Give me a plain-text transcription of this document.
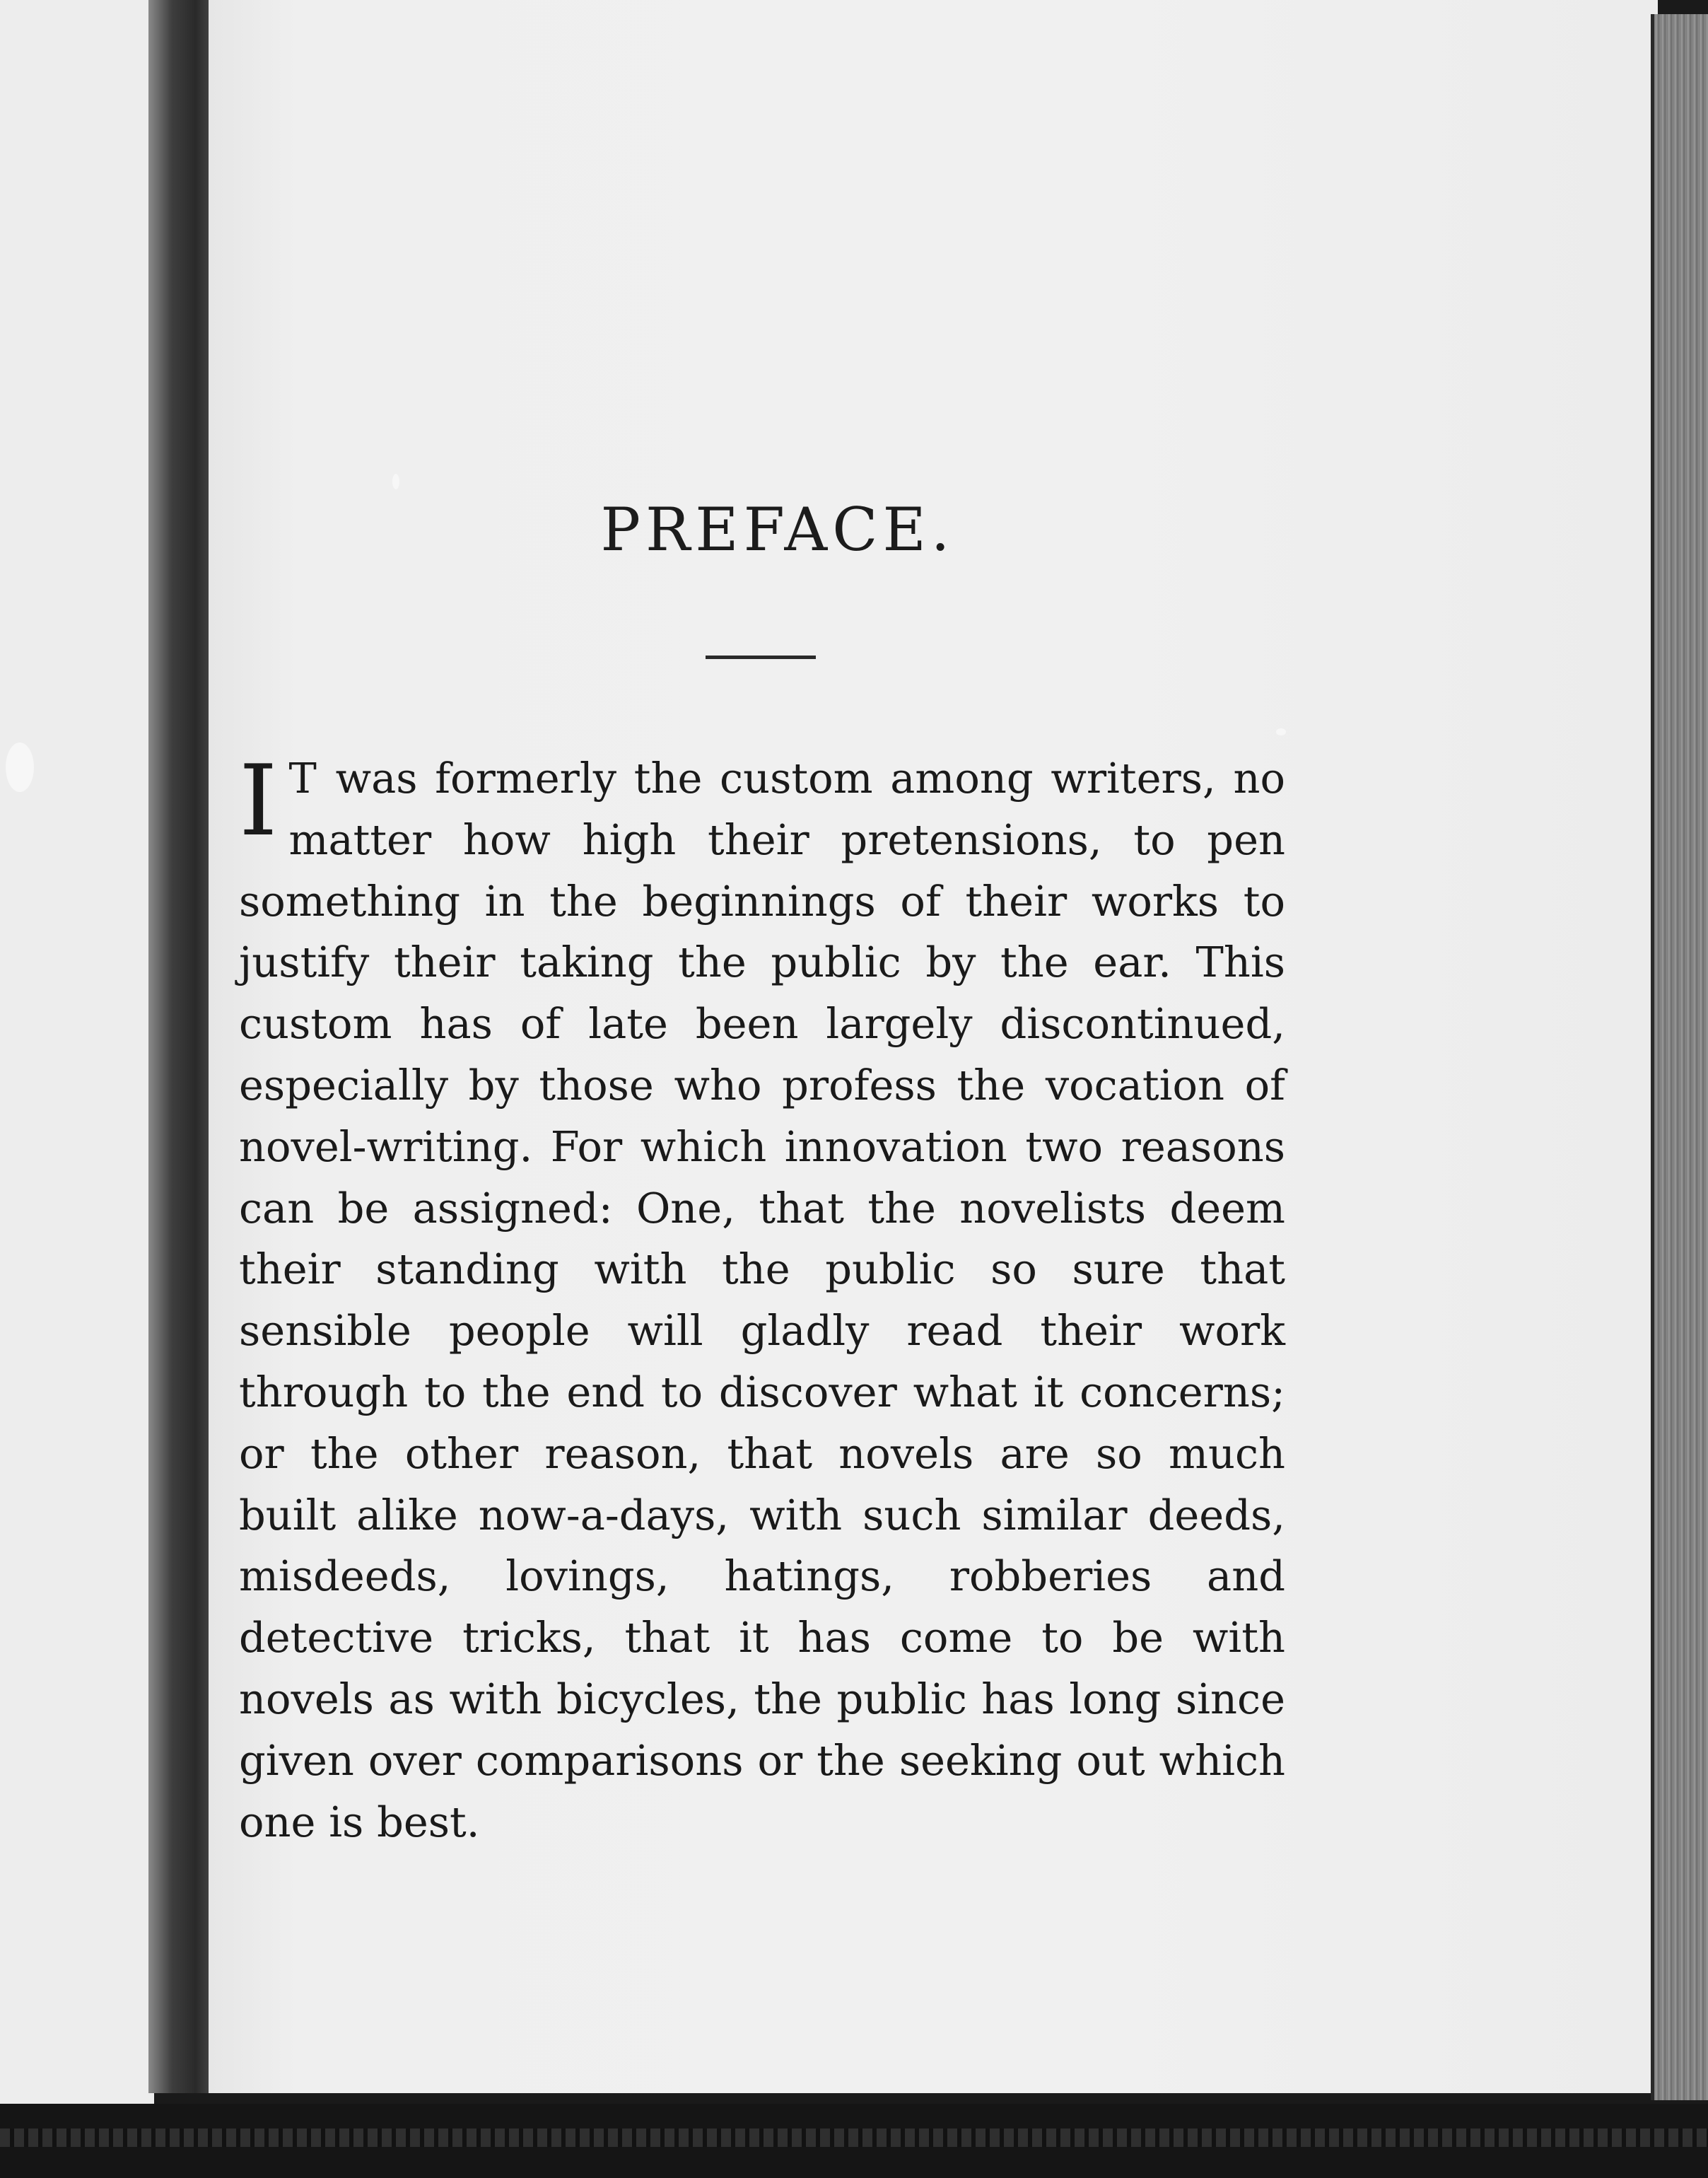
PREFACE.
I T was formerly the custom among writers, no matter how high their pretensions, to pen something in the beginnings of their works to justify their taking the public by the ear. This custom has of late been largely discontinued, especially by those who profess the vocation of novel-writing. For which innovation two reasons can be assigned: One, that the novelists deem their standing with the public so sure that sensible people will gladly read their work through to the end to discover what it concerns; or the other reason, that novels are so much built alike now-a-days, with such similar deeds, misdeeds, lovings, hatings, robberies and detective tricks, that it has come to be with novels as with bicycles, the public has long since given over comparisons or the seeking out which one is best.
